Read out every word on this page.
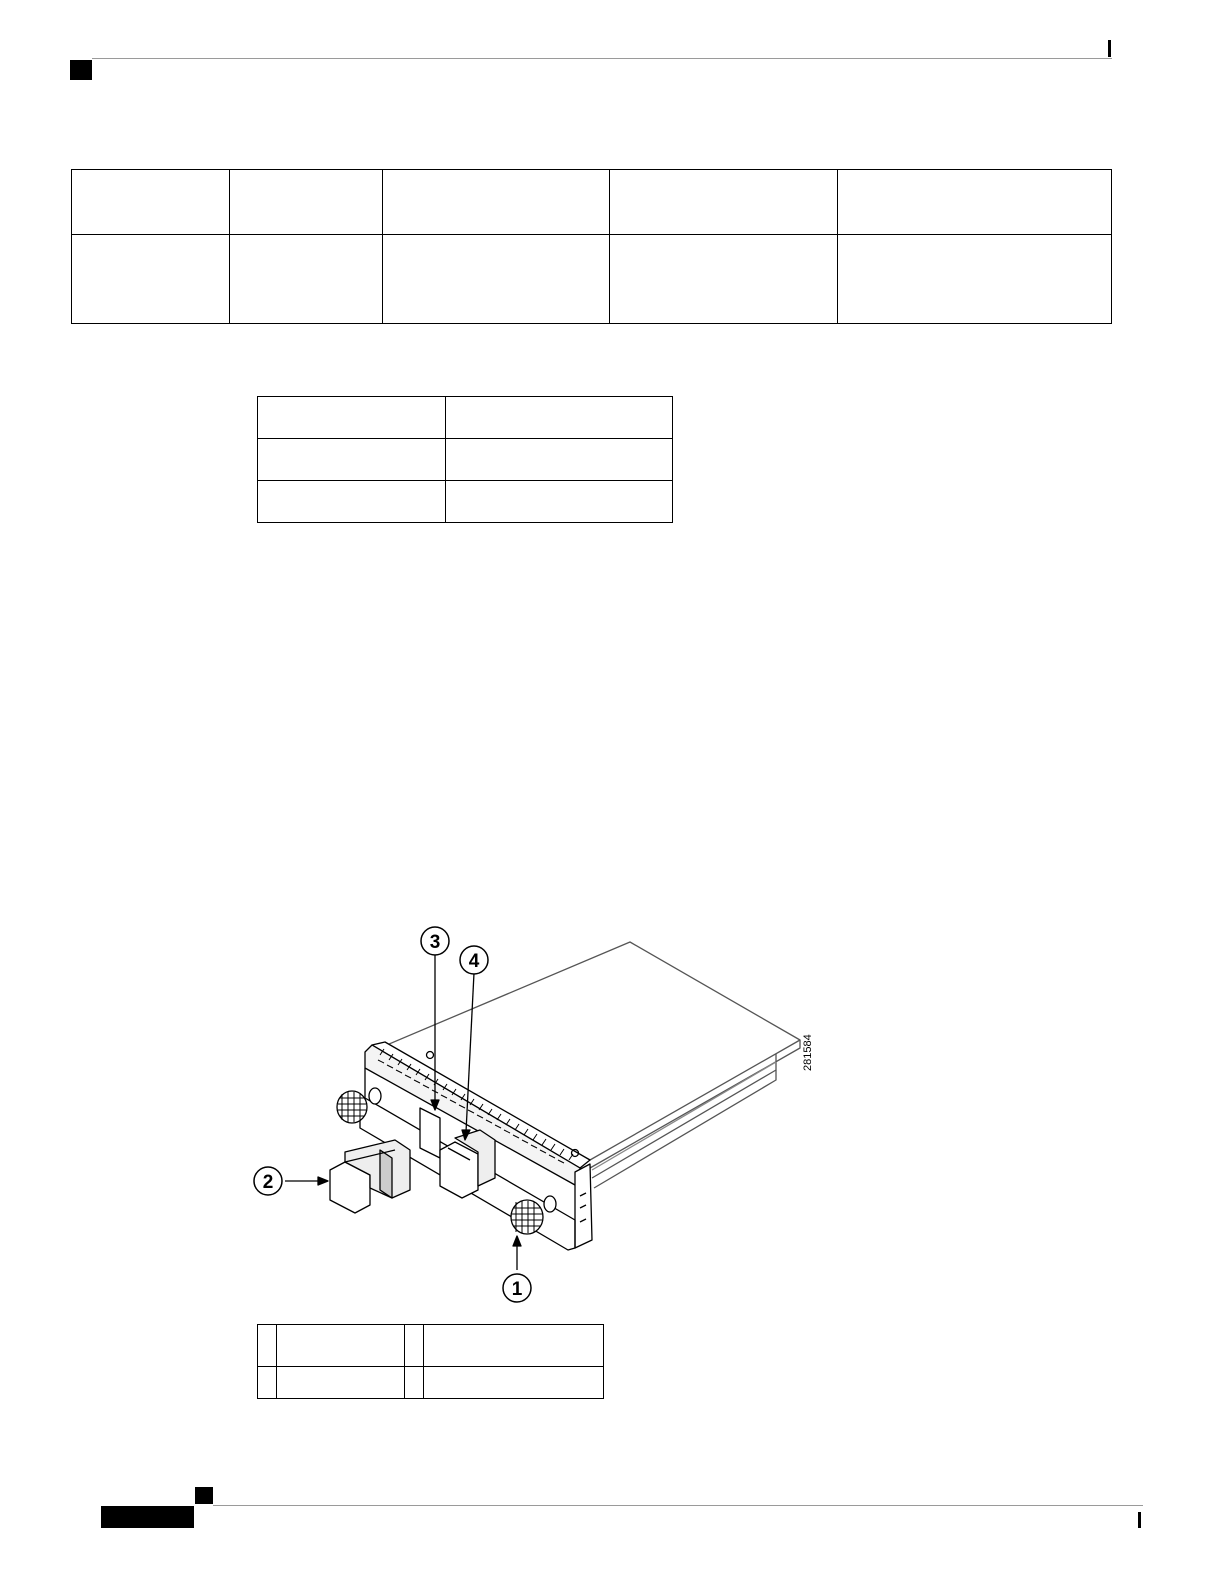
1
2
3
4
281584
